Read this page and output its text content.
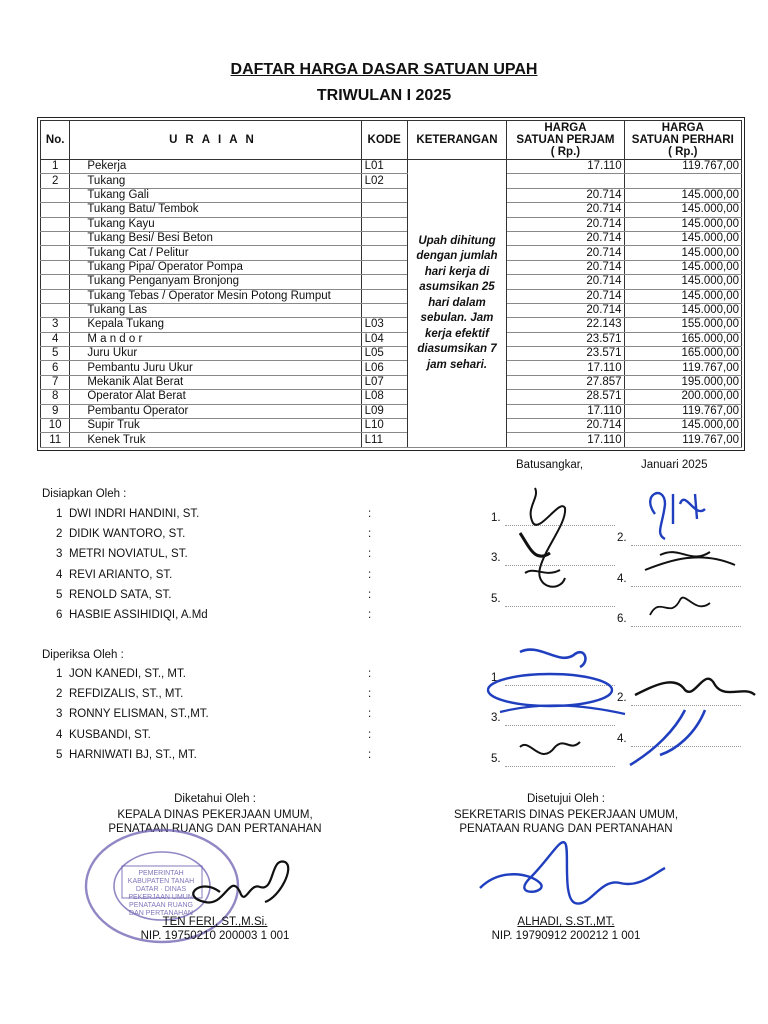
DAFTAR HARGA DASAR SATUAN UPAH
TRIWULAN I 2025
No.	URAIAN	KODE	KETERANGAN	HARGA
SATUAN PERJAM
( Rp.)	HARGA
SATUAN PERHARI
( Rp.)
1	Pekerja	L01	Upah dihitung dengan jumlah hari kerja di asumsikan 25 hari dalam sebulan. Jam kerja efektif diasumsikan 7 jam sehari.	17.110	119.767,00
2	Tukang	L02			
	Tukang Gali			20.714	145.000,00
	Tukang Batu/ Tembok			20.714	145.000,00
	Tukang Kayu			20.714	145.000,00
	Tukang Besi/ Besi Beton			20.714	145.000,00
	Tukang Cat / Pelitur			20.714	145.000,00
	Tukang Pipa/ Operator Pompa			20.714	145.000,00
	Tukang Penganyam Bronjong			20.714	145.000,00
	Tukang Tebas / Operator Mesin Potong Rumput			20.714	145.000,00
	Tukang Las			20.714	145.000,00
3	Kepala Tukang	L03		22.143	155.000,00
4	M a n d o r	L04		23.571	165.000,00
5	Juru Ukur	L05		23.571	165.000,00
6	Pembantu Juru Ukur	L06		17.110	119.767,00
7	Mekanik Alat Berat	L07		27.857	195.000,00
8	Operator Alat Berat	L08		28.571	200.000,00
9	Pembantu Operator	L09		17.110	119.767,00
10	Supir Truk	L10		20.714	145.000,00
11	Kenek Truk	L11		17.110	119.767,00
Batusangkar,	Januari 2025
Disiapkan Oleh :
1 DWI INDRI HANDINI, ST.	:	1.
2 DIDIK WANTORO, ST.	:	2.
3 METRI NOVIATUL, ST.	:	3.
4 REVI ARIANTO, ST.	:	4.
5 RENOLD SATA, ST.	:	5.
6 HASBIE ASSIHIDIQI, A.Md	:	6.
Diperiksa Oleh :
1 JON KANEDI, ST., MT.	:	1.
2 REFDIZALIS, ST., MT.	:	2.
3 RONNY ELISMAN, ST.,MT.	:	3.
4 KUSBANDI, ST.	:	4.
5 HARNIWATI BJ, ST., MT.	:	5.
Diketahui Oleh :
KEPALA DINAS PEKERJAAN UMUM,
PENATAAN RUANG DAN PERTANAHAN
PEMERINTAH KABUPATEN TANAH DATAR · DINAS PEKERJAAN UMUM PENATAAN RUANG DAN PERTANAHAN
TEN FERI, ST.,M.Si.
NIP. 19750210 200003 1 001
Disetujui Oleh :
SEKRETARIS DINAS PEKERJAAN UMUM,
PENATAAN RUANG DAN PERTANAHAN
ALHADI, S.ST.,MT.
NIP. 19790912 200212 1 001
